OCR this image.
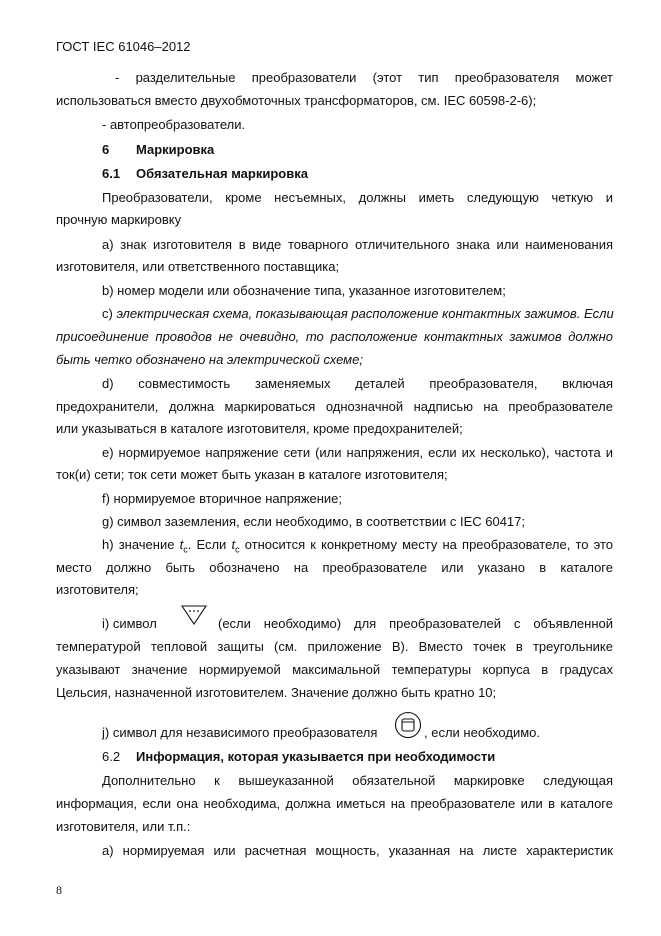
ГОСТ IEC 61046–2012
- разделительные преобразователи (этот тип преобразователя может
использоваться вместо двухобмоточных трансформаторов, см. IEC 60598-2-6);
- автопреобразователи.
6 Маркировка
6.1 Обязательная маркировка
Преобразователи, кроме несъемных, должны иметь следующую четкую и
прочную маркировку
а) знак изготовителя в виде товарного отличительного знака или наименования
изготовителя, или ответственного поставщика;
b) номер модели или обозначение типа, указанное изготовителем;
c) электрическая схема, показывающая расположение контактных зажимов. Если
присоединение проводов не очевидно, то расположение контактных зажимов должно
быть четко обозначено на электрической схеме;
d) совместимость заменяемых деталей преобразователя, включая
предохранители, должна маркироваться однозначной надписью на преобразователе
или указываться в каталоге изготовителя, кроме предохранителей;
e) нормируемое напряжение сети (или напряжения, если их несколько), частота и
ток(и) сети; ток сети может быть указан в каталоге изготовителя;
f) нормируемое вторичное напряжение;
g) символ заземления, если необходимо, в соответствии с IEC 60417;
h) значение $t_c$. Если $t_c$ относится к конкретному месту на преобразователе, то это
место должно быть обозначено на преобразователе или указано в каталоге
изготовителя;
i) символ	(если необходимо) для преобразователей с объявленной
температурой тепловой защиты (см. приложение В). Вместо точек в треугольнике
указывают значение нормируемой максимальной температуры корпуса в градусах
Цельсия, назначенной изготовителем. Значение должно быть кратно 10;
j) символ для независимого преобразователя	, если необходимо.
6.2 Информация, которая указывается при необходимости
Дополнительно к вышеуказанной обязательной маркировке следующая
информация, если она необходима, должна иметься на преобразователе или в каталоге
изготовителя, или т.п.:
а) нормируемая или расчетная мощность, указанная на листе характеристик
8
